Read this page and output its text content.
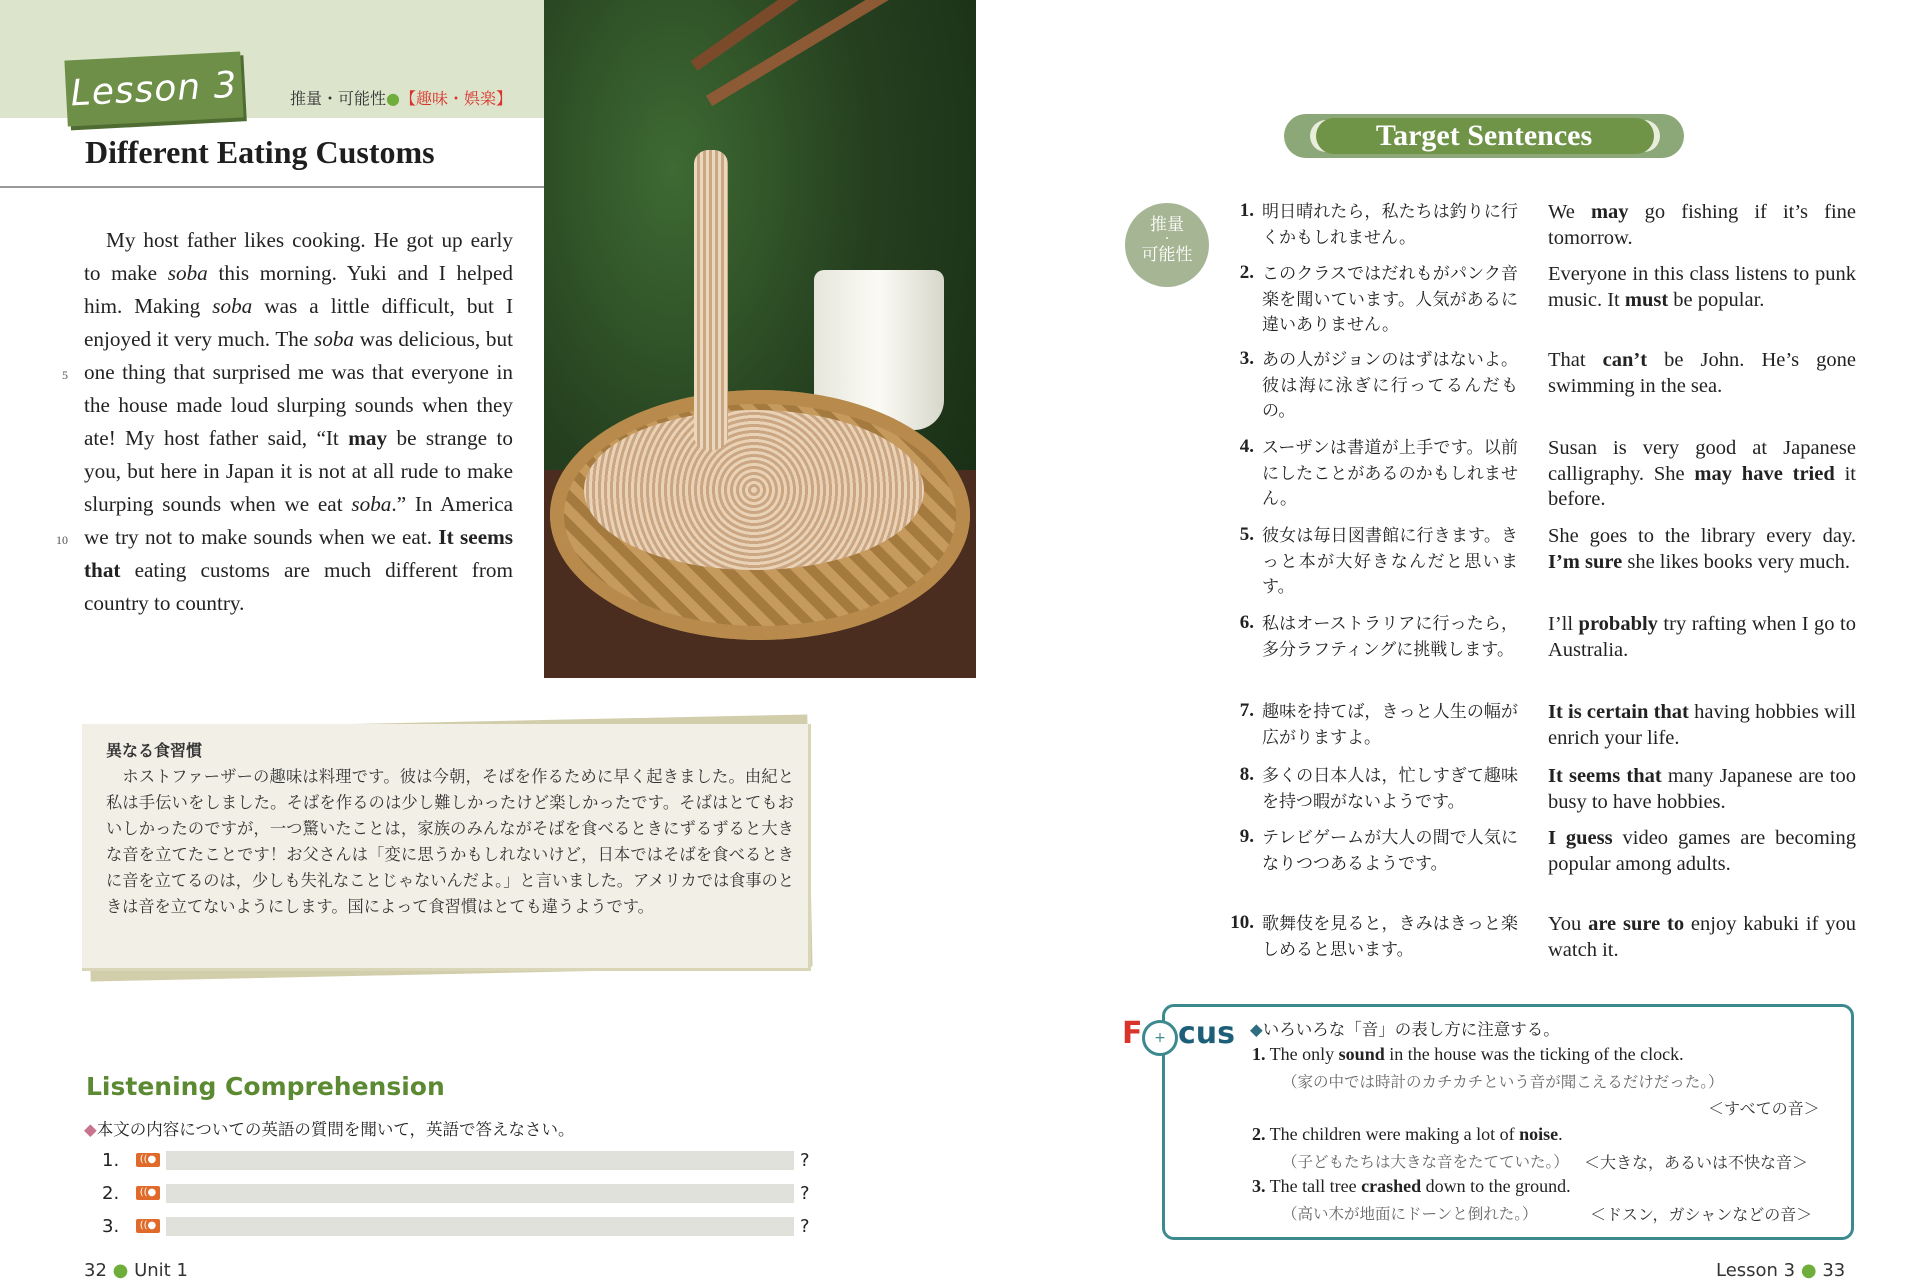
Lesson 3	推量・可能性●【趣味・娯楽】
Different Eating Customs

My host father likes cooking. He got up early to make soba this morning. Yuki and I helped him. Making soba was a little difficult, but I enjoyed it very much. The soba was delicious, but one thing that surprised me was that everyone in the house made loud slurping sounds when they ate! My host father said, “It may be strange to you, but here in Japan it is not at all rude to make slurping sounds when we eat soba.” In America we try not to make sounds when we eat. It seems that eating customs are much different from country to country.

5
10
異なる食習慣
　ホストファーザーの趣味は料理です。彼は今朝，そばを作るために早く起きました。由紀と私は手伝いをしました。そばを作るのは少し難しかったけど楽しかったです。そばはとてもおいしかったのですが，一つ驚いたことは，家族のみんながそばを食べるときにずるずると大きな音を立てたことです！お父さんは「変に思うかもしれないけど，日本ではそばを食べるときに音を立てるのは，少しも失礼なことじゃないんだよ。」と言いました。アメリカでは食事のときは音を立てないようにします。国によって食習慣はとても違うようです。
Listening Comprehension
◆本文の内容についての英語の質問を聞いて，英語で答えなさい。
1.	((●	?
2.	((●	?
3.	((●	?
32 ● Unit 1
Target Sentences
推量
・
可能性
1. 明日晴れたら，私たちは釣りに行くかもしれません。
We may go fishing if it’s fine tomorrow.
2. このクラスではだれもがパンク音楽を聞いています。人気があるに違いありません。
Everyone in this class listens to punk music. It must be popular.
3. あの人がジョンのはずはないよ。彼は海に泳ぎに行ってるんだもの。
That can’t be John. He’s gone swimming in the sea.
4. スーザンは書道が上手です。以前にしたことがあるのかもしれません。
Susan is very good at Japanese calligraphy. She may have tried it before.
5. 彼女は毎日図書館に行きます。きっと本が大好きなんだと思います。
She goes to the library every day. I’m sure she likes books very much.
6. 私はオーストラリアに行ったら，多分ラフティングに挑戦します。
I’ll probably try rafting when I go to Australia.
7. 趣味を持てば，きっと人生の幅が広がりますよ。
It is certain that having hobbies will enrich your life.
8. 多くの日本人は，忙しすぎて趣味を持つ暇がないようです。
It seems that many Japanese are too busy to have hobbies.
9. テレビゲームが大人の間で人気になりつつあるようです。
I guess video games are becoming popular among adults.
10. 歌舞伎を見ると，きみはきっと楽しめると思います。
You are sure to enjoy kabuki if you watch it.
F + cus ◆いろいろな「音」の表し方に注意する。
1. The only sound in the house was the ticking of the clock.
（家の中では時計のカチカチという音が聞こえるだけだった。）
＜すべての音＞
2. The children were making a lot of noise.
（子どもたちは大きな音をたてていた。） ＜大きな，あるいは不快な音＞
3. The tall tree crashed down to the ground.
（高い木が地面にドーンと倒れた。）	＜ドスン，ガシャンなどの音＞
Lesson 3 ● 33
